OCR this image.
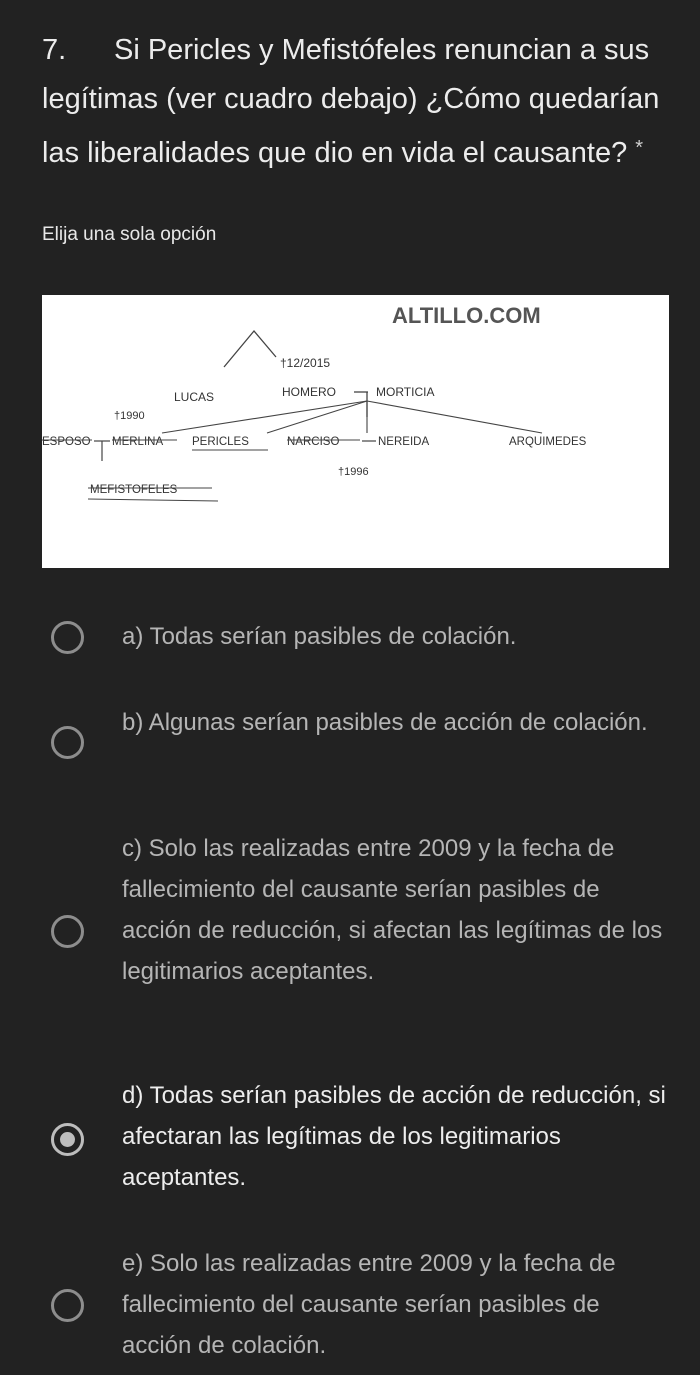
7. Si Pericles y Mefistófeles renuncian a sus legítimas (ver cuadro debajo) ¿Cómo quedarían las liberalidades que dio en vida el causante? *
Elija una sola opción
ALTILLO.COM
†12/2015
LUCAS	HOMERO	MORTICIA
†1990
ESPOSO MERLINA	PERICLES	NARCISO	NEREIDA	ARQUIMEDES
†1996
MEFISTOFELES
a) Todas serían pasibles de colación.
b) Algunas serían pasibles de acción de colación.
c) Solo las realizadas entre 2009 y la fecha de fallecimiento del causante serían pasibles de acción de reducción, si afectan las legítimas de los legitimarios aceptantes.
d) Todas serían pasibles de acción de reducción, si afectaran las legítimas de los legitimarios aceptantes.
e) Solo las realizadas entre 2009 y la fecha de fallecimiento del causante serían pasibles de acción de colación.
